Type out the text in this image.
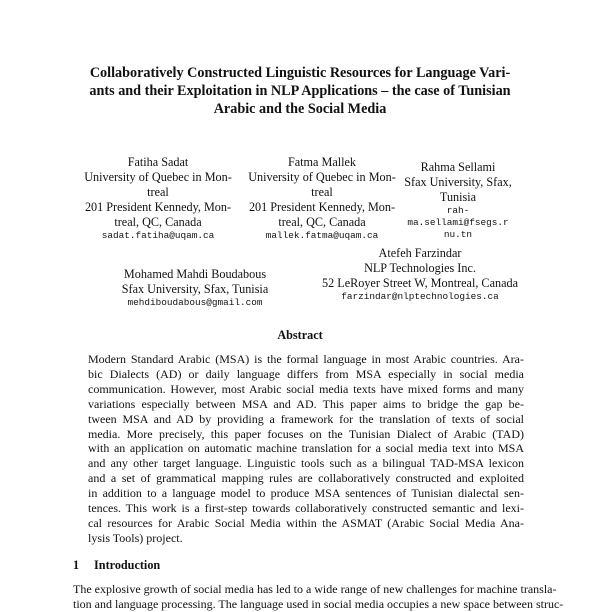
Collaboratively Constructed Linguistic Resources for Language Vari-
ants and their Exploitation in NLP Applications – the case of Tunisian
Arabic and the Social Media
Fatiha Sadat
University of Quebec in Mon-
treal
201 President Kennedy, Mon-
treal, QC, Canada
sadat.fatiha@uqam.ca
Fatma Mallek
University of Quebec in Mon-
treal
201 President Kennedy, Mon-
treal, QC, Canada
mallek.fatma@uqam.ca
Rahma Sellami
Sfax University, Sfax,
Tunisia
rah-
ma.sellami@fsegs.r
nu.tn
Mohamed Mahdi Boudabous
Sfax University, Sfax, Tunisia
mehdiboudabous@gmail.com
Atefeh Farzindar
NLP Technologies Inc.
52 LeRoyer Street W, Montreal, Canada
farzindar@nlptechnologies.ca
Abstract
Modern Standard Arabic (MSA) is the formal language in most Arabic countries. Ara-
bic Dialects (AD) or daily language differs from MSA especially in social media
communication. However, most Arabic social media texts have mixed forms and many
variations especially between MSA and AD. This paper aims to bridge the gap be-
tween MSA and AD by providing a framework for the translation of texts of social
media. More precisely, this paper focuses on the Tunisian Dialect of Arabic (TAD)
with an application on automatic machine translation for a social media text into MSA
and any other target language. Linguistic tools such as a bilingual TAD-MSA lexicon
and a set of grammatical mapping rules are collaboratively constructed and exploited
in addition to a language model to produce MSA sentences of Tunisian dialectal sen-
tences. This work is a first-step towards collaboratively constructed semantic and lexi-
cal resources for Arabic Social Media within the ASMAT (Arabic Social Media Ana-
lysis Tools) project.
1 Introduction
The explosive growth of social media has led to a wide range of new challenges for machine transla-
tion and language processing. The language used in social media occupies a new space between struc-
